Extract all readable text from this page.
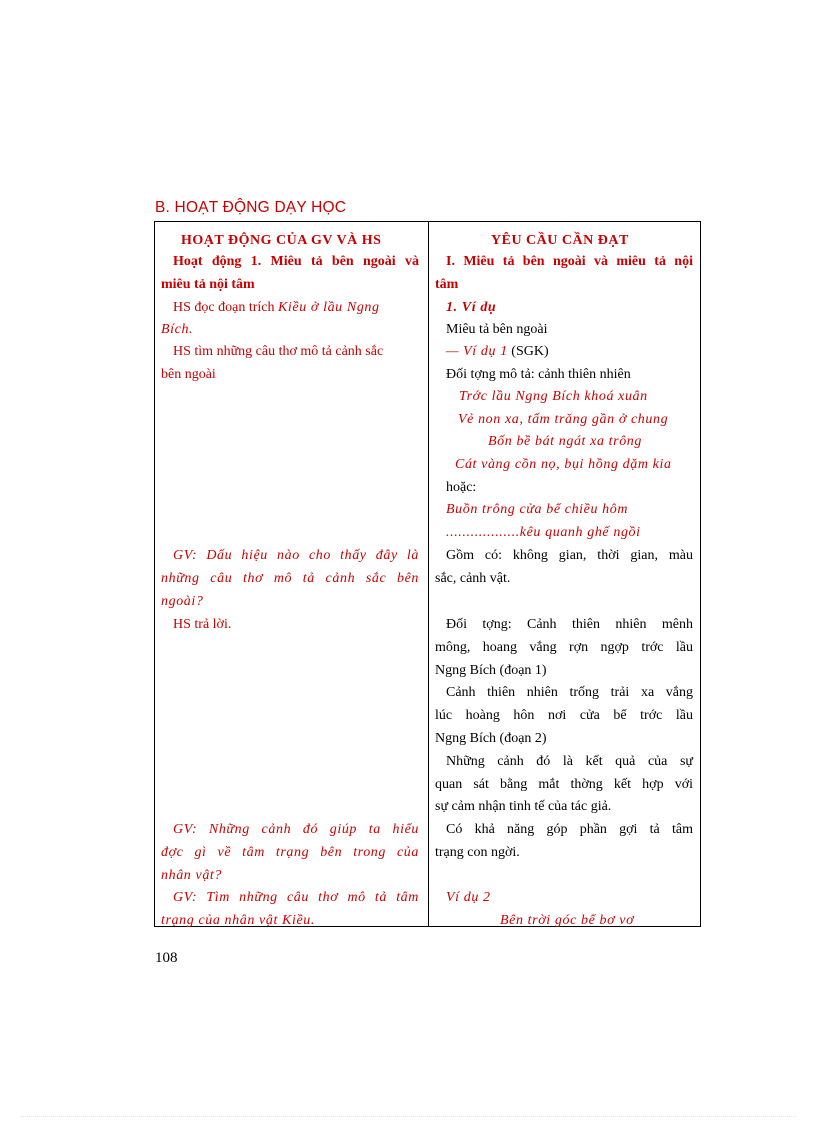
B. HOẠT ĐỘNG DẠY HỌC
HOẠT ĐỘNG CỦA GV VÀ HS
Hoạt động 1. Miêu tả bên ngoài và
miêu tả nội tâm
HS đọc đoạn trích Kiều ở lầu Ngng
Bích.
HS tìm những câu thơ mô tả cảnh sắc
bên ngoài
GV: Dấu hiệu nào cho thấy đây là
những câu thơ mô tả cảnh sắc bên
ngoài?
HS trả lời.
GV: Những cảnh đó giúp ta hiểu
đợc gì về tâm trạng bên trong của
nhân vật?
GV: Tìm những câu thơ mô tả tâm
trạng của nhân vật Kiều.
YÊU CẦU CẦN ĐẠT
I. Miêu tả bên ngoài và miêu tả nội
tâm
1. Ví dụ
Miêu tả bên ngoài
— Ví dụ 1 (SGK)
Đối tợng mô tả: cảnh thiên nhiên
Trớc lầu Ngng Bích khoá xuân
Vẻ non xa, tấm trăng gần ở chung
Bốn bề bát ngát xa trông
Cát vàng cồn nọ, bụi hồng dặm kia
hoặc:
Buồn trông cửa bể chiều hôm
..................kêu quanh ghế ngồi
Gồm có: không gian, thời gian, màu
sắc, cảnh vật.
Đối tợng: Cảnh thiên nhiên mênh
mông, hoang vắng rợn ngợp trớc lầu
Ngng Bích (đoạn 1)
Cảnh thiên nhiên trống trải xa vắng
lúc hoàng hôn nơi cửa bể trớc lầu
Ngng Bích (đoạn 2)
Những cảnh đó là kết quả của sự
quan sát bằng mắt thờng kết hợp với
sự cảm nhận tinh tế của tác giả.
Có khả năng góp phần gợi tả tâm
trạng con ngời.
Ví dụ 2
Bên trời góc bể bơ vơ
108
